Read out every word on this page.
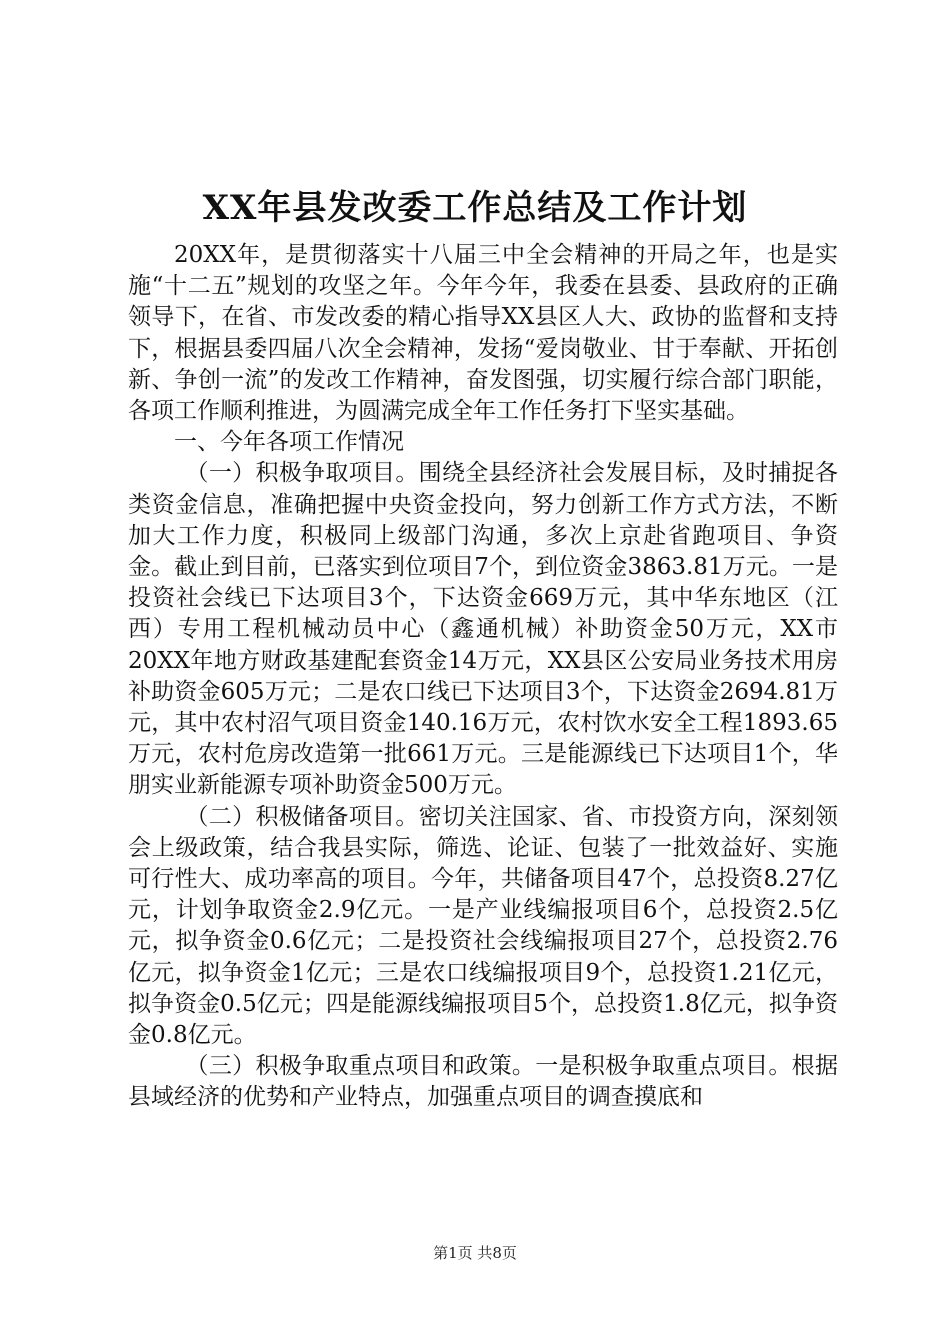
XX年县发改委工作总结及工作计划

20XX年，是贯彻落实十八届三中全会精神的开局之年，也是实施“十二五”规划的攻坚之年。今年今年，我委在县委、县政府的正确领导下，在省、市发改委的精心指导XX县区人大、政协的监督和支持下，根据县委四届八次全会精神，发扬“爱岗敬业、甘于奉献、开拓创新、争创一流”的发改工作精神，奋发图强，切实履行综合部门职能，各项工作顺利推进，为圆满完成全年工作任务打下坚实基础。

一、今年各项工作情况

（一）积极争取项目。围绕全县经济社会发展目标，及时捕捉各类资金信息，准确把握中央资金投向，努力创新工作方式方法，不断加大工作力度，积极同上级部门沟通，多次上京赴省跑项目、争资金。截止到目前，已落实到位项目7个，到位资金3863.81万元。一是投资社会线已下达项目3个，下达资金669万元，其中华东地区（江西）专用工程机械动员中心（鑫通机械）补助资金50万元，XX市20XX年地方财政基建配套资金14万元，XX县区公安局业务技术用房补助资金605万元；二是农口线已下达项目3个，下达资金2694.81万元，其中农村沼气项目资金140.16万元，农村饮水安全工程1893.65万元，农村危房改造第一批661万元。三是能源线已下达项目1个，华朋实业新能源专项补助资金500万元。

（二）积极储备项目。密切关注国家、省、市投资方向，深刻领会上级政策，结合我县实际，筛选、论证、包装了一批效益好、实施可行性大、成功率高的项目。今年，共储备项目47个，总投资8.27亿元，计划争取资金2.9亿元。一是产业线编报项目6个，总投资2.5亿元，拟争资金0.6亿元；二是投资社会线编报项目27个，总投资2.76亿元，拟争资金1亿元；三是农口线编报项目9个，总投资1.21亿元，拟争资金0.5亿元；四是能源线编报项目5个，总投资1.8亿元，拟争资金0.8亿元。

（三）积极争取重点项目和政策。一是积极争取重点项目。根据县域经济的优势和产业特点，加强重点项目的调查摸底和

第1页 共8页
